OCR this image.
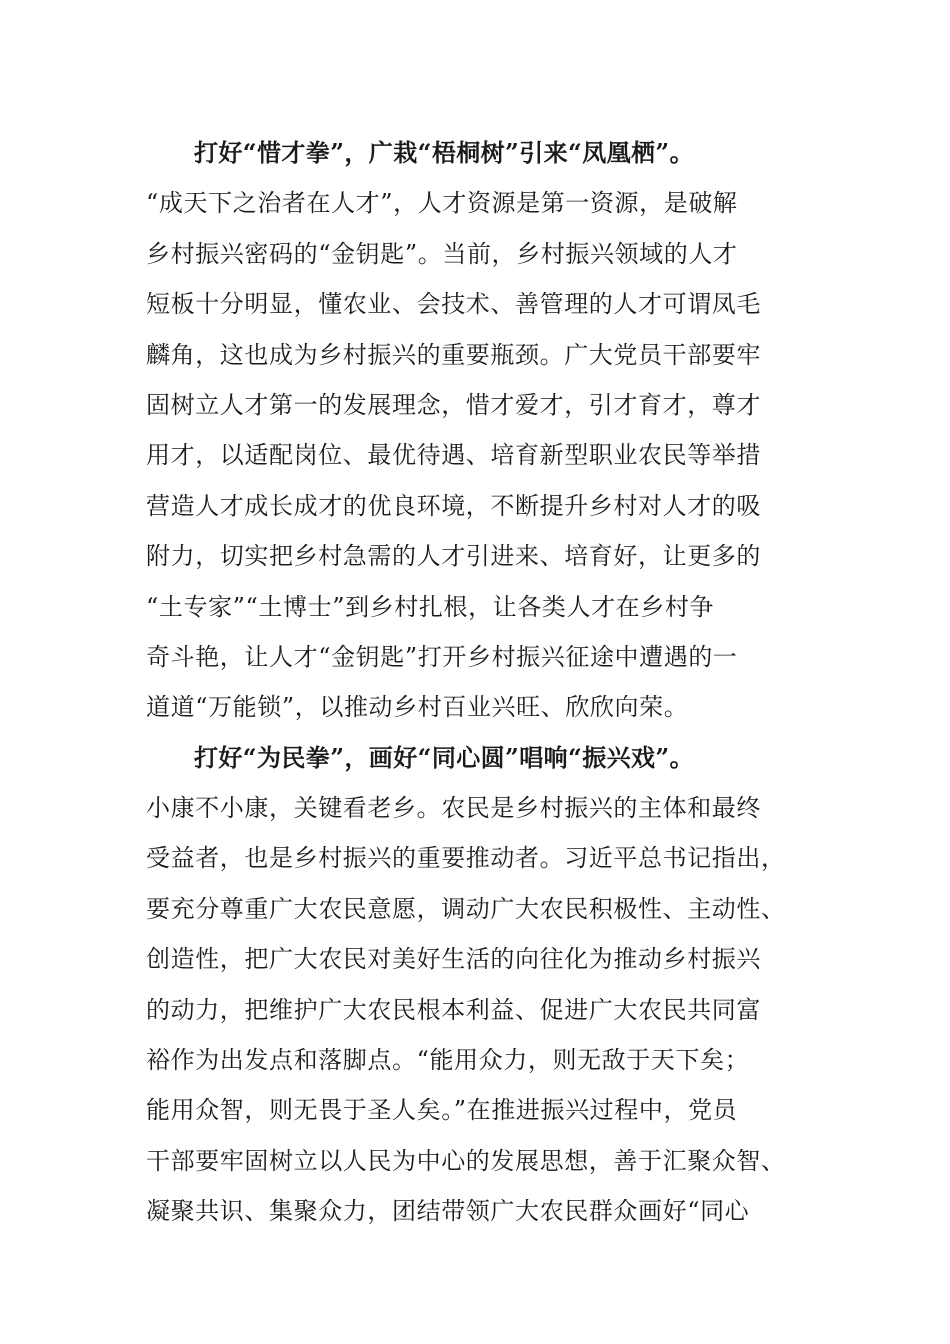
打好“惜才拳”，广栽“梧桐树”引来“凤凰栖”。
“成天下之治者在人才”，人才资源是第一资源，是破解
乡村振兴密码的“金钥匙”。当前，乡村振兴领域的人才
短板十分明显，懂农业、会技术、善管理的人才可谓凤毛
麟角，这也成为乡村振兴的重要瓶颈。广大党员干部要牢
固树立人才第一的发展理念，惜才爱才，引才育才，尊才
用才，以适配岗位、最优待遇、培育新型职业农民等举措
营造人才成长成才的优良环境，不断提升乡村对人才的吸
附力，切实把乡村急需的人才引进来、培育好，让更多的
“土专家”“土博士”到乡村扎根，让各类人才在乡村争
奇斗艳，让人才“金钥匙”打开乡村振兴征途中遭遇的一
道道“万能锁”，以推动乡村百业兴旺、欣欣向荣。
打好“为民拳”，画好“同心圆”唱响“振兴戏”。
小康不小康，关键看老乡。农民是乡村振兴的主体和最终
受益者，也是乡村振兴的重要推动者。习近平总书记指出，
要充分尊重广大农民意愿，调动广大农民积极性、主动性、
创造性，把广大农民对美好生活的向往化为推动乡村振兴
的动力，把维护广大农民根本利益、促进广大农民共同富
裕作为出发点和落脚点。“能用众力，则无敌于天下矣；
能用众智，则无畏于圣人矣。”在推进振兴过程中，党员
干部要牢固树立以人民为中心的发展思想，善于汇聚众智、
凝聚共识、集聚众力，团结带领广大农民群众画好“同心
